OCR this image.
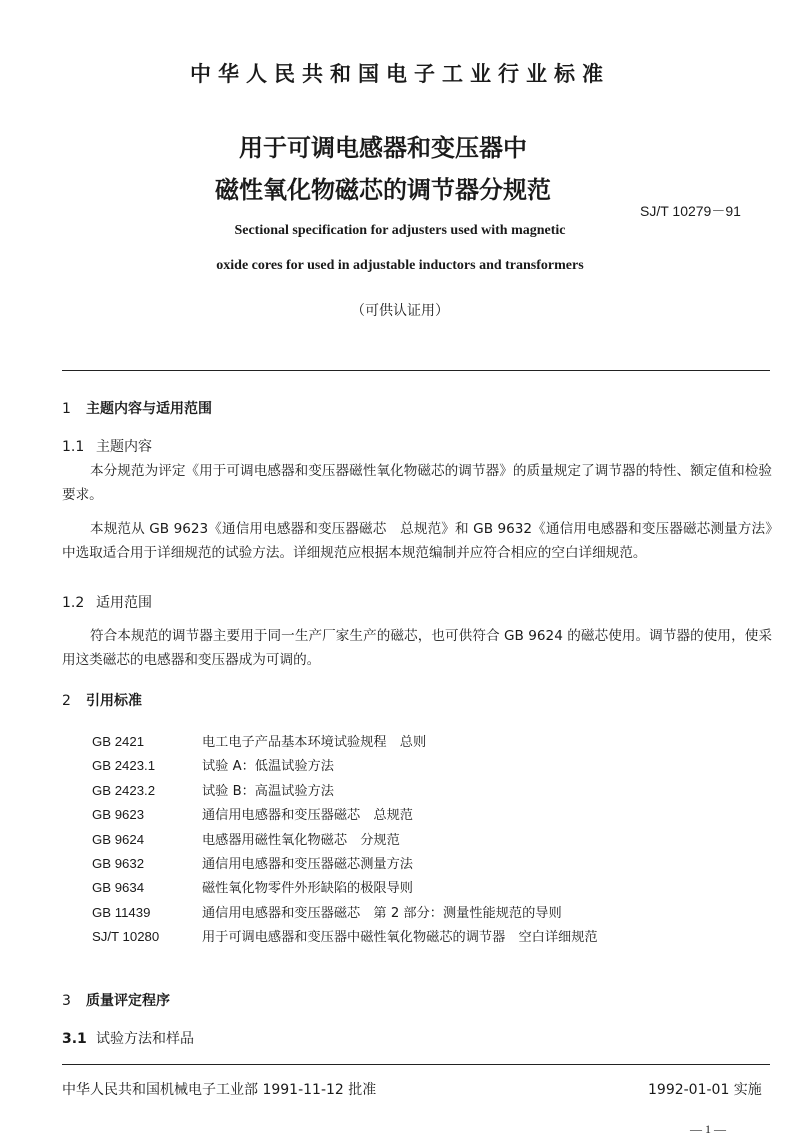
中华人民共和国电子工业行业标准
用于可调电感器和变压器中
磁性氧化物磁芯的调节器分规范
SJ/T 10279－91
Sectional specification for adjusters used with magnetic
oxide cores for used in adjustable inductors and transformers
（可供认证用）
1 主题内容与适用范围
1.1 主题内容
本分规范为评定《用于可调电感器和变压器磁性氧化物磁芯的调节器》的质量规定了调节器的特性、额定值和检验要求。
本规范从 GB 9623《通信用电感器和变压器磁芯　总规范》和 GB 9632《通信用电感器和变压器磁芯测量方法》中选取适合用于详细规范的试验方法。详细规范应根据本规范编制并应符合相应的空白详细规范。
1.2 适用范围
符合本规范的调节器主要用于同一生产厂家生产的磁芯，也可供符合 GB 9624 的磁芯使用。调节器的使用，使采用这类磁芯的电感器和变压器成为可调的。
2 引用标准
GB 2421	电工电子产品基本环境试验规程　总则
GB 2423.1	试验 A：低温试验方法
GB 2423.2	试验 B：高温试验方法
GB 9623	通信用电感器和变压器磁芯　总规范
GB 9624	电感器用磁性氧化物磁芯　分规范
GB 9632	通信用电感器和变压器磁芯测量方法
GB 9634	磁性氧化物零件外形缺陷的极限导则
GB 11439	通信用电感器和变压器磁芯　第 2 部分：测量性能规范的导则
SJ/T 10280	用于可调电感器和变压器中磁性氧化物磁芯的调节器　空白详细规范
3 质量评定程序
3.1 试验方法和样品
中华人民共和国机械电子工业部 1991-11-12 批准	1992-01-01 实施
— 1 —
